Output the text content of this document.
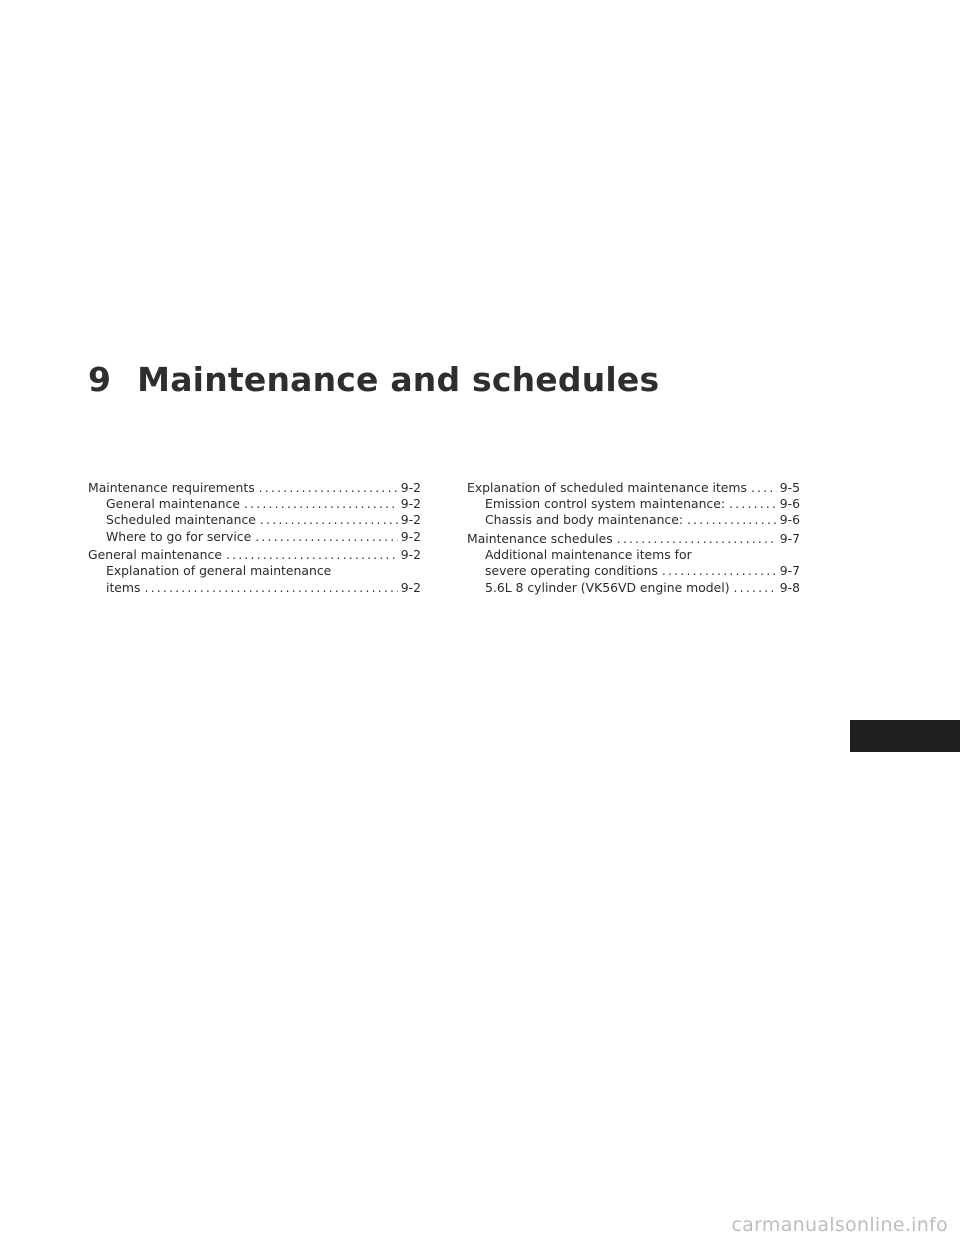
9 Maintenance and schedules
Maintenance requirements .....	9-2
General maintenance .....	9-2
Scheduled maintenance .....	9-2
Where to go for service .....	9-2
General maintenance .....	9-2
Explanation of general maintenance
items .....	9-2
Explanation of scheduled maintenance items .....	9-5
Emission control system maintenance: .....	9-6
Chassis and body maintenance: .....	9-6
Maintenance schedules .....	9-7
Additional maintenance items for
severe operating conditions .....	9-7
5.6L 8 cylinder (VK56VD engine model) .....	9-8
carmanualsonline.info
